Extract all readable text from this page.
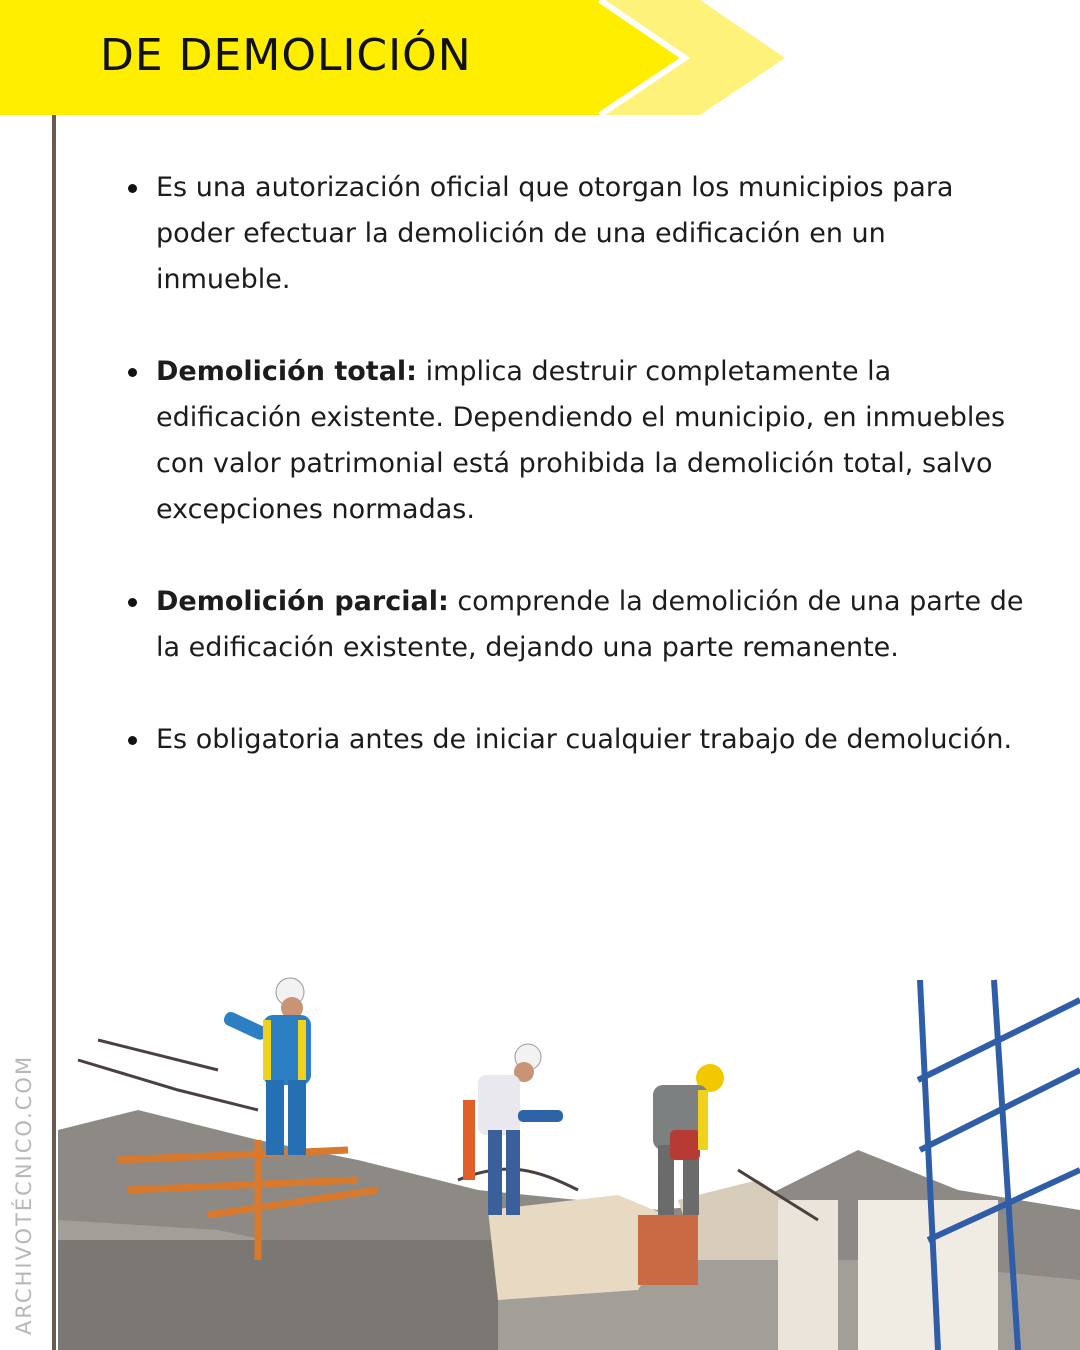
DE DEMOLICIÓN
ARCHIVOTÉCNICO.COM
Es una autorización oficial que otorgan los municipios para poder efectuar la demolición de una edificación en un inmueble.
Demolición total: implica destruir completamente la edificación existente. Dependiendo el municipio, en inmuebles con valor patrimonial está prohibida la demolición total, salvo excepciones normadas.
Demolición parcial: comprende la demolición de una parte de la edificación existente, dejando una parte remanente.
Es obligatoria antes de iniciar cualquier trabajo de demolución.
